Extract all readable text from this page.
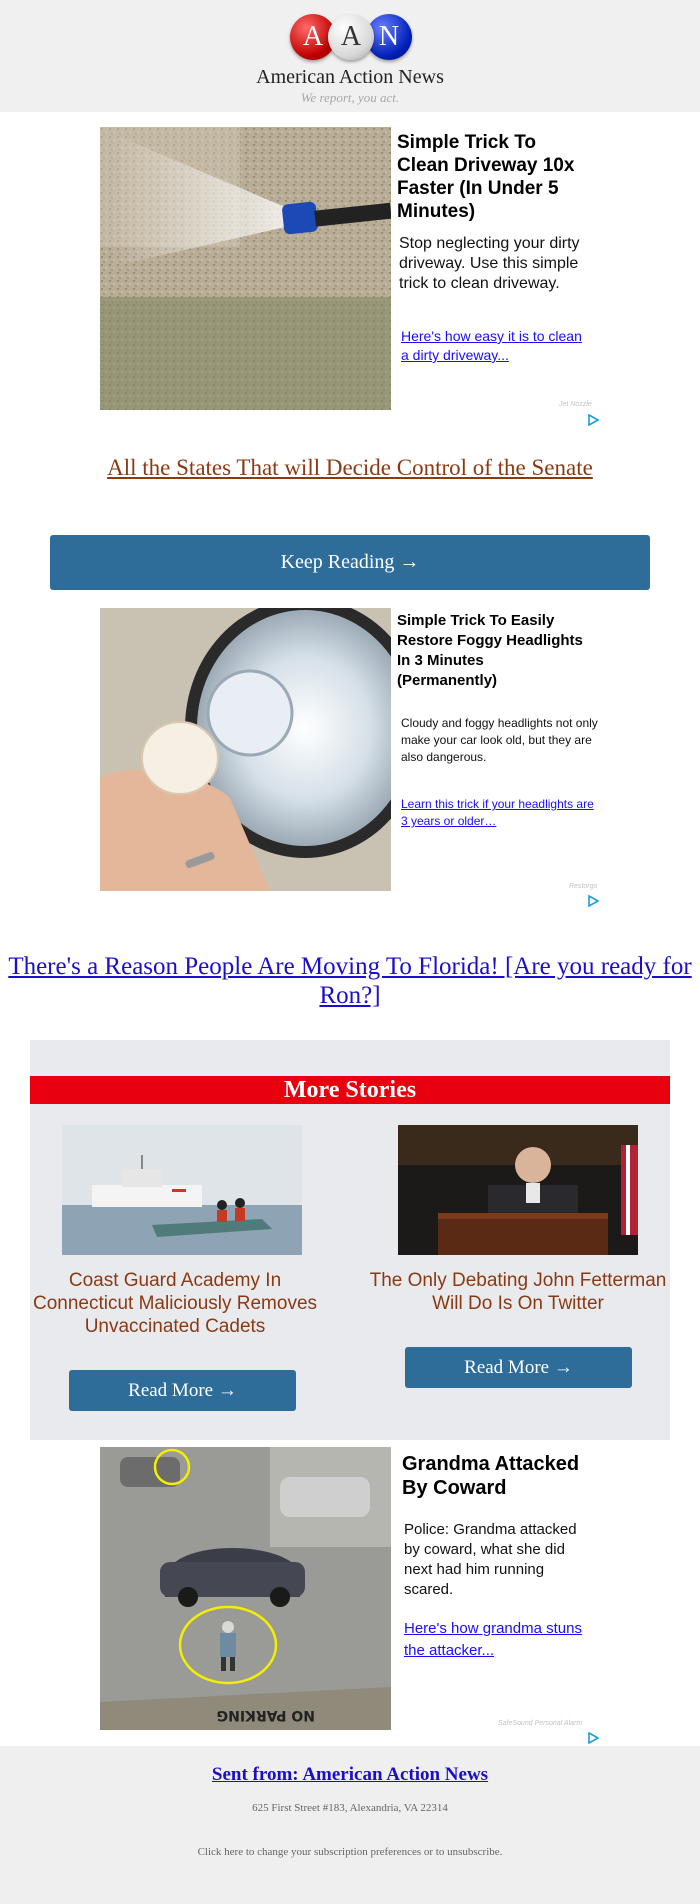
A A N
American Action News
We report, you act.
Simple Trick To Clean Driveway 10x Faster (In Under 5 Minutes)
Stop neglecting your dirty driveway. Use this simple trick to clean driveway.
Here's how easy it is to clean a dirty driveway...
Jet Nozzle
All the States That will Decide Control of the Senate
Keep Reading →
Simple Trick To Easily Restore Foggy Headlights In 3 Minutes (Permanently)
Cloudy and foggy headlights not only make your car look old, but they are also dangerous.
Learn this trick if your headlights are 3 years or older…
Restorgo
There's a Reason People Are Moving To Florida! [Are you ready for Ron?]
More Stories
Coast Guard Academy In Connecticut Maliciously Removes Unvaccinated Cadets
The Only Debating John Fetterman Will Do Is On Twitter
Read More →
Read More →
NO PARKING
Grandma Attacked By Coward
Police: Grandma attacked by coward, what she did next had him running scared.
Here's how grandma stuns the attacker...
SafeSound Personal Alarm
Sent from: American Action News
625 First Street #183, Alexandria, VA 22314
Click here to change your subscription preferences or to unsubscribe.
